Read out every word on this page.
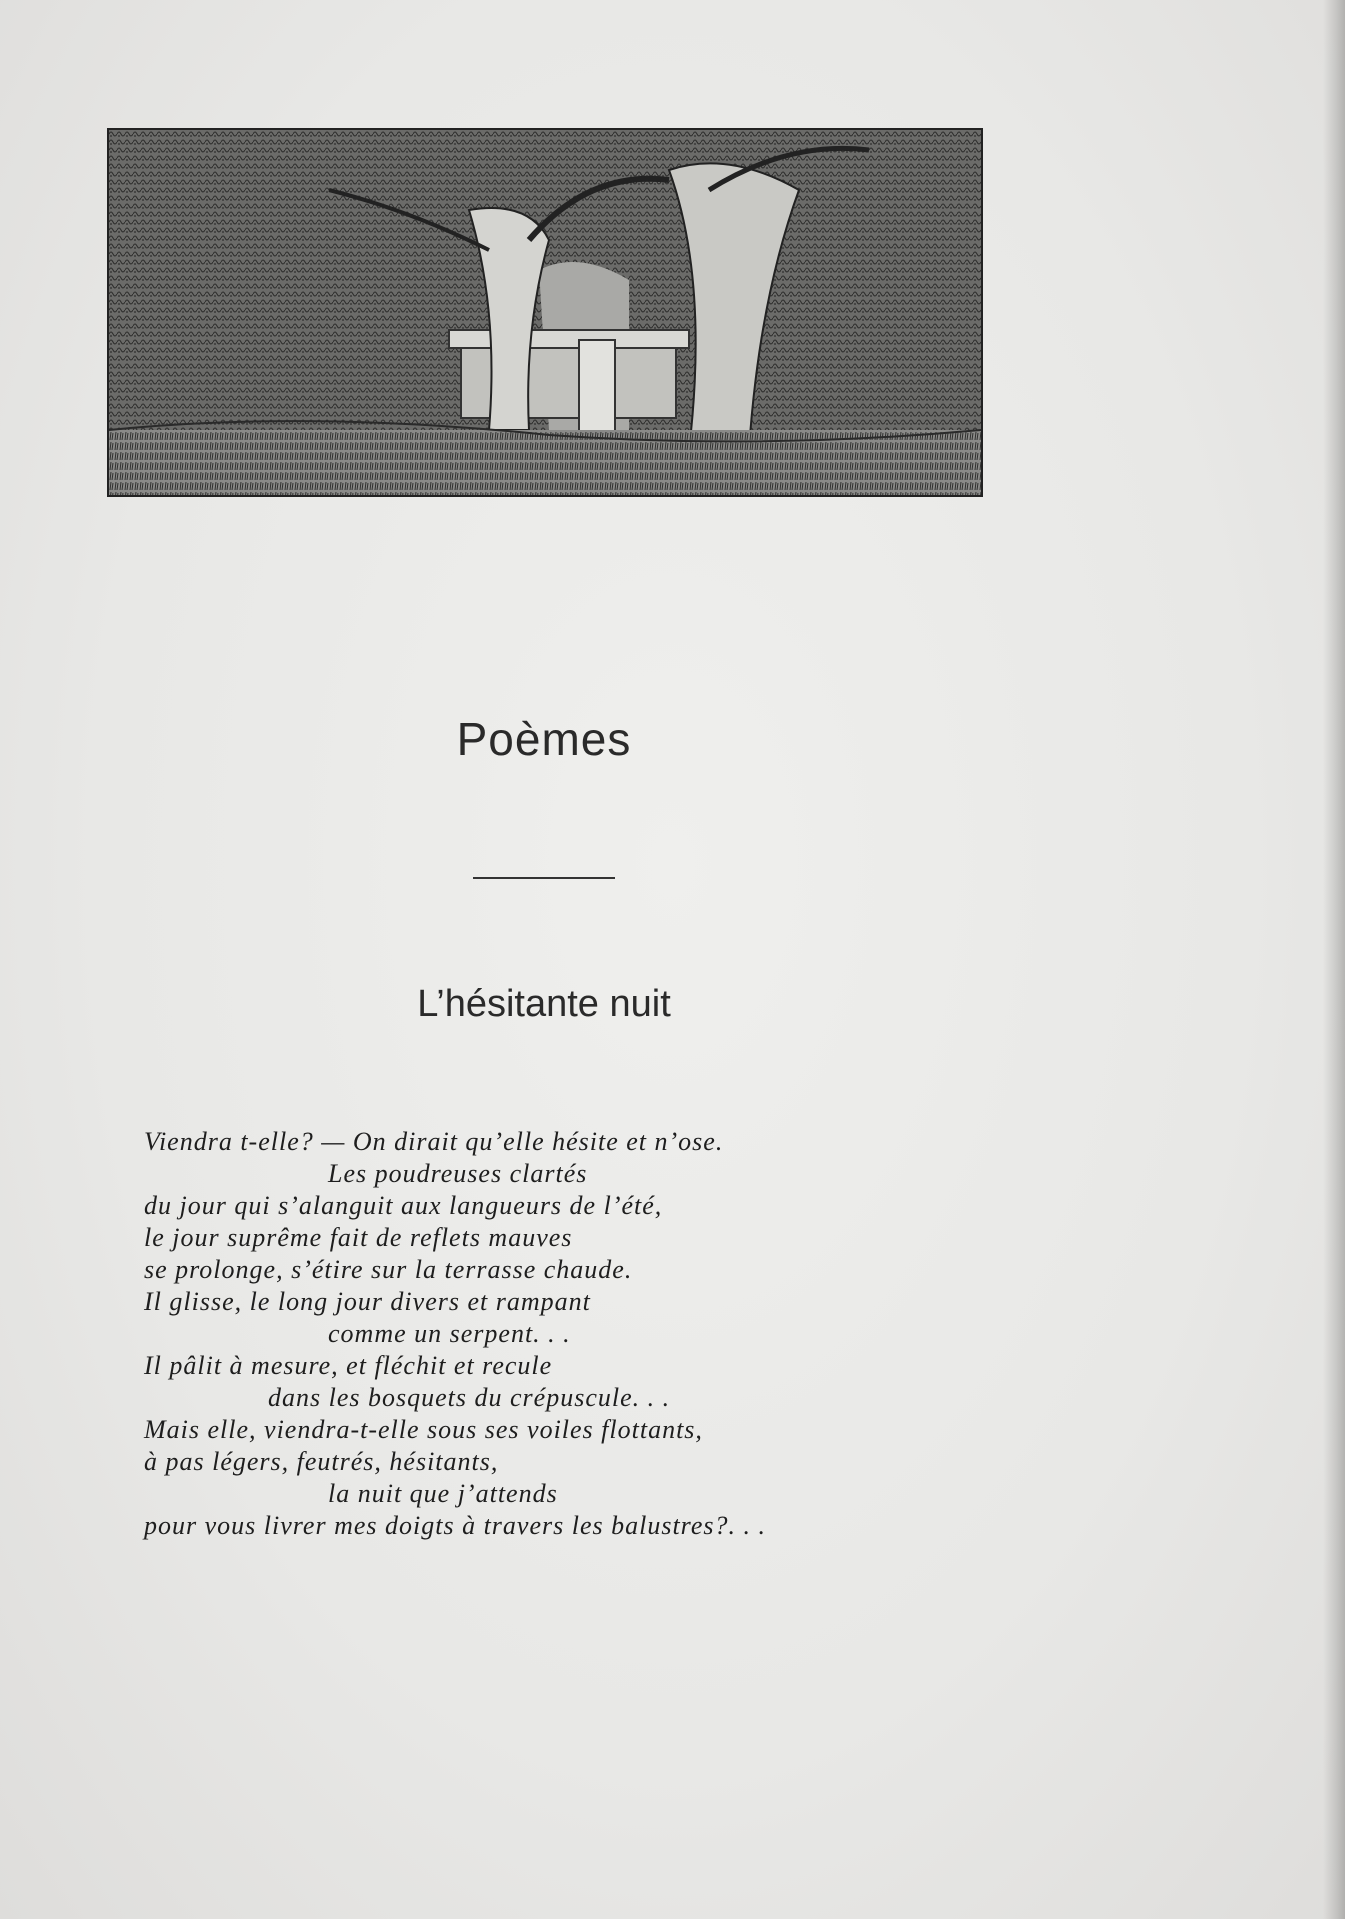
Poèmes
L’hésitante nuit
Viendra t-elle? — On dirait qu’elle hésite et n’ose.
Les poudreuses clartés
du jour qui s’alanguit aux langueurs de l’été,
le jour suprême fait de reflets mauves
se prolonge, s’étire sur la terrasse chaude.
Il glisse, le long jour divers et rampant
comme un serpent. . .
Il pâlit à mesure, et fléchit et recule
dans les bosquets du crépuscule. . .
Mais elle, viendra-t-elle sous ses voiles flottants,
à pas légers, feutrés, hésitants,
la nuit que j’attends
pour vous livrer mes doigts à travers les balustres?. . .
